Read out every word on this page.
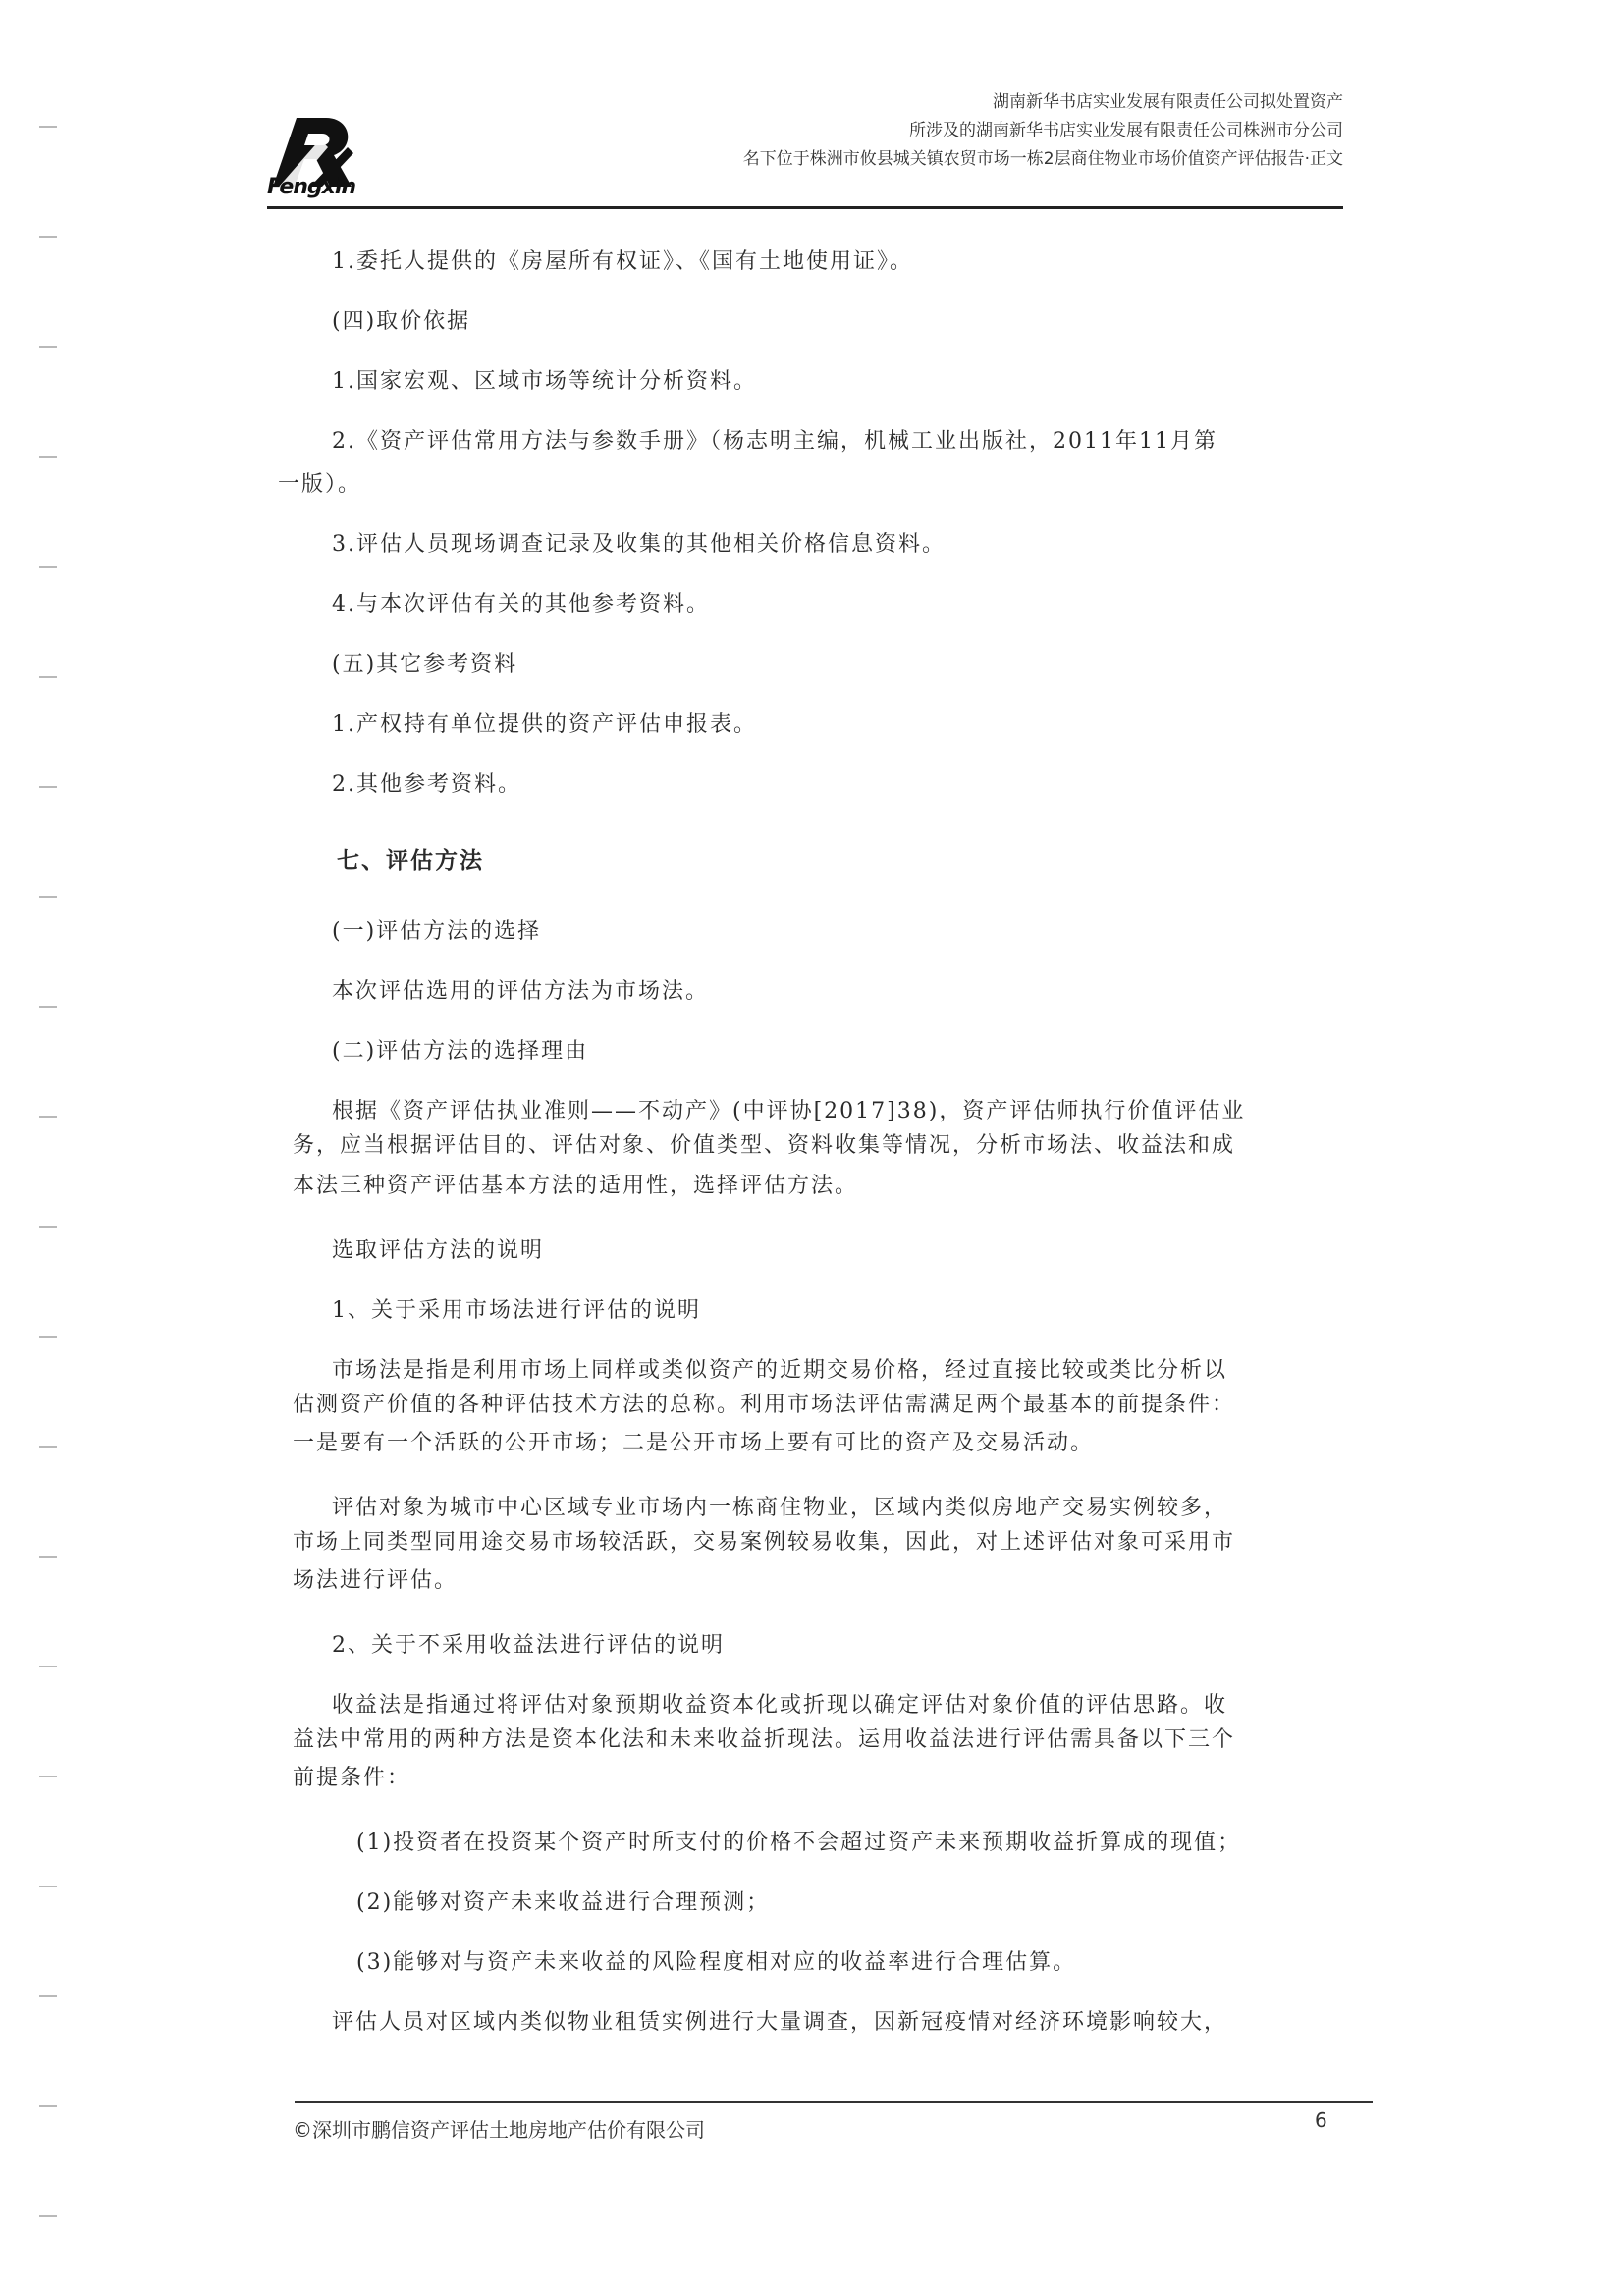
Fengxin
湖南新华书店实业发展有限责任公司拟处置资产
所涉及的湖南新华书店实业发展有限责任公司株洲市分公司
名下位于株洲市攸县城关镇农贸市场一栋2层商住物业市场价值资产评估报告·正文

1.委托人提供的《房屋所有权证》、《国有土地使用证》。

(四)取价依据

1.国家宏观、区域市场等统计分析资料。

2.《资产评估常用方法与参数手册》（杨志明主编，机械工业出版社，2011年11月第

一版）。

3.评估人员现场调查记录及收集的其他相关价格信息资料。

4.与本次评估有关的其他参考资料。

(五)其它参考资料

1.产权持有单位提供的资产评估申报表。

2.其他参考资料。

七、评估方法

(一)评估方法的选择

本次评估选用的评估方法为市场法。

(二)评估方法的选择理由

根据《资产评估执业准则——不动产》(中评协[2017]38)，资产评估师执行价值评估业

务，应当根据评估目的、评估对象、价值类型、资料收集等情况，分析市场法、收益法和成

本法三种资产评估基本方法的适用性，选择评估方法。

选取评估方法的说明

1、关于采用市场法进行评估的说明

市场法是指是利用市场上同样或类似资产的近期交易价格，经过直接比较或类比分析以

估测资产价值的各种评估技术方法的总称。利用市场法评估需满足两个最基本的前提条件：

一是要有一个活跃的公开市场；二是公开市场上要有可比的资产及交易活动。

评估对象为城市中心区域专业市场内一栋商住物业，区域内类似房地产交易实例较多，

市场上同类型同用途交易市场较活跃，交易案例较易收集，因此，对上述评估对象可采用市

场法进行评估。

2、关于不采用收益法进行评估的说明

收益法是指通过将评估对象预期收益资本化或折现以确定评估对象价值的评估思路。收

益法中常用的两种方法是资本化法和未来收益折现法。运用收益法进行评估需具备以下三个

前提条件：

(1)投资者在投资某个资产时所支付的价格不会超过资产未来预期收益折算成的现值；

(2)能够对资产未来收益进行合理预测；

(3)能够对与资产未来收益的风险程度相对应的收益率进行合理估算。

评估人员对区域内类似物业租赁实例进行大量调查，因新冠疫情对经济环境影响较大，

©深圳市鹏信资产评估土地房地产估价有限公司	6
